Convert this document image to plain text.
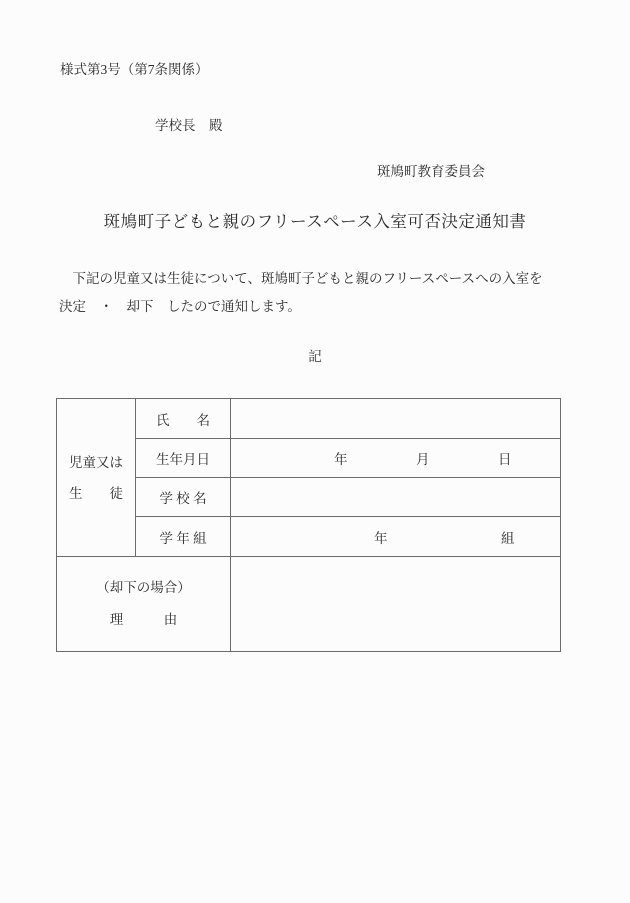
様式第3号（第7条関係）
学校長　殿
斑鳩町教育委員会
斑鳩町子どもと親のフリースペース入室可否決定通知書
　下記の児童又は生徒について、斑鳩町子どもと親のフリースペースへの入室を
決定　・　却下　したので通知します。
記
児童又は
生　　徒	氏　　名	
	生年月日	年 月 日

	学 校 名	
	学 年 組	年 組

（却下の場合）
理　　　由		
